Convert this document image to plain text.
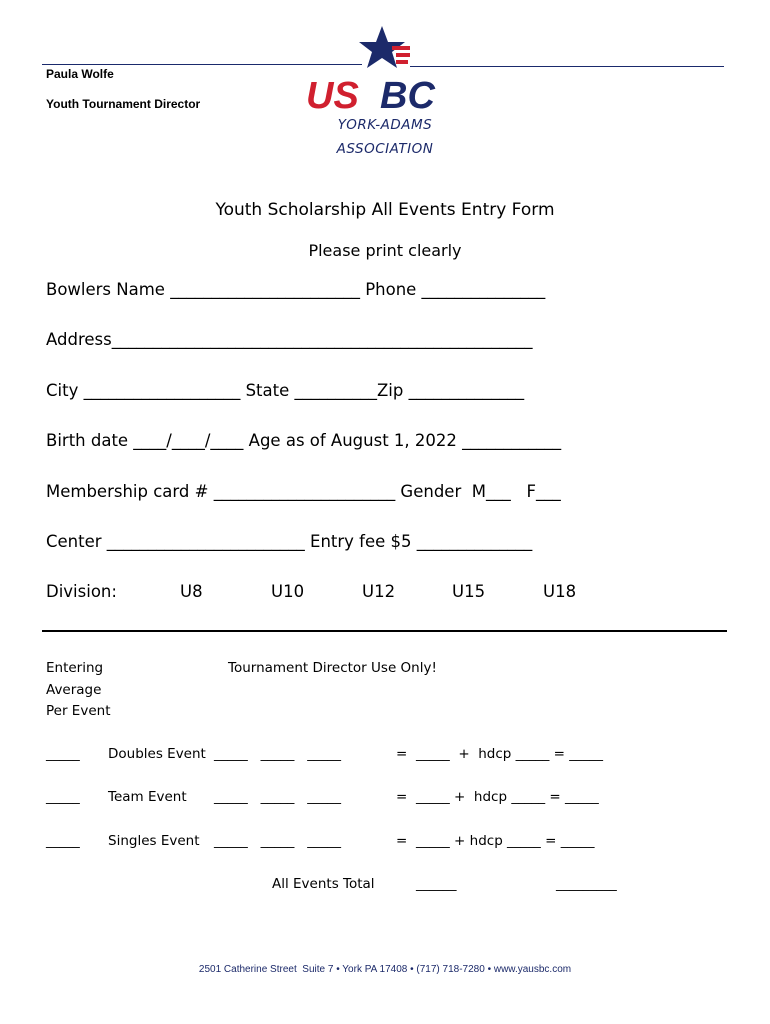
Paula Wolfe
Youth Tournament Director	US BC
YORK-ADAMS
ASSOCIATION
Youth Scholarship All Events Entry Form
Please print clearly
Bowlers Name _______________________ Phone _______________
Address___________________________________________________
City ___________________ State __________Zip ______________
Birth date ____/____/____ Age as of August 1, 2022 ____________
Membership card # ______________________ Gender  M___   F___
Center ________________________ Entry fee $5 ______________
Division:	U8	U10	U12	U15	U18
Entering
Average
Per Event
Tournament Director Use Only!
_____ Doubles Event _____   _____   _____	= _____  +  hdcp _____ = _____
_____ Team Event _____   _____   _____	= _____ +  hdcp _____ = _____
_____ Singles Event _____   _____   _____	= _____ + hdcp _____ = _____
All Events Total	______	_________
2501 Catherine Street  Suite 7 • York PA 17408 • (717) 718-7280 • www.yausbc.com
